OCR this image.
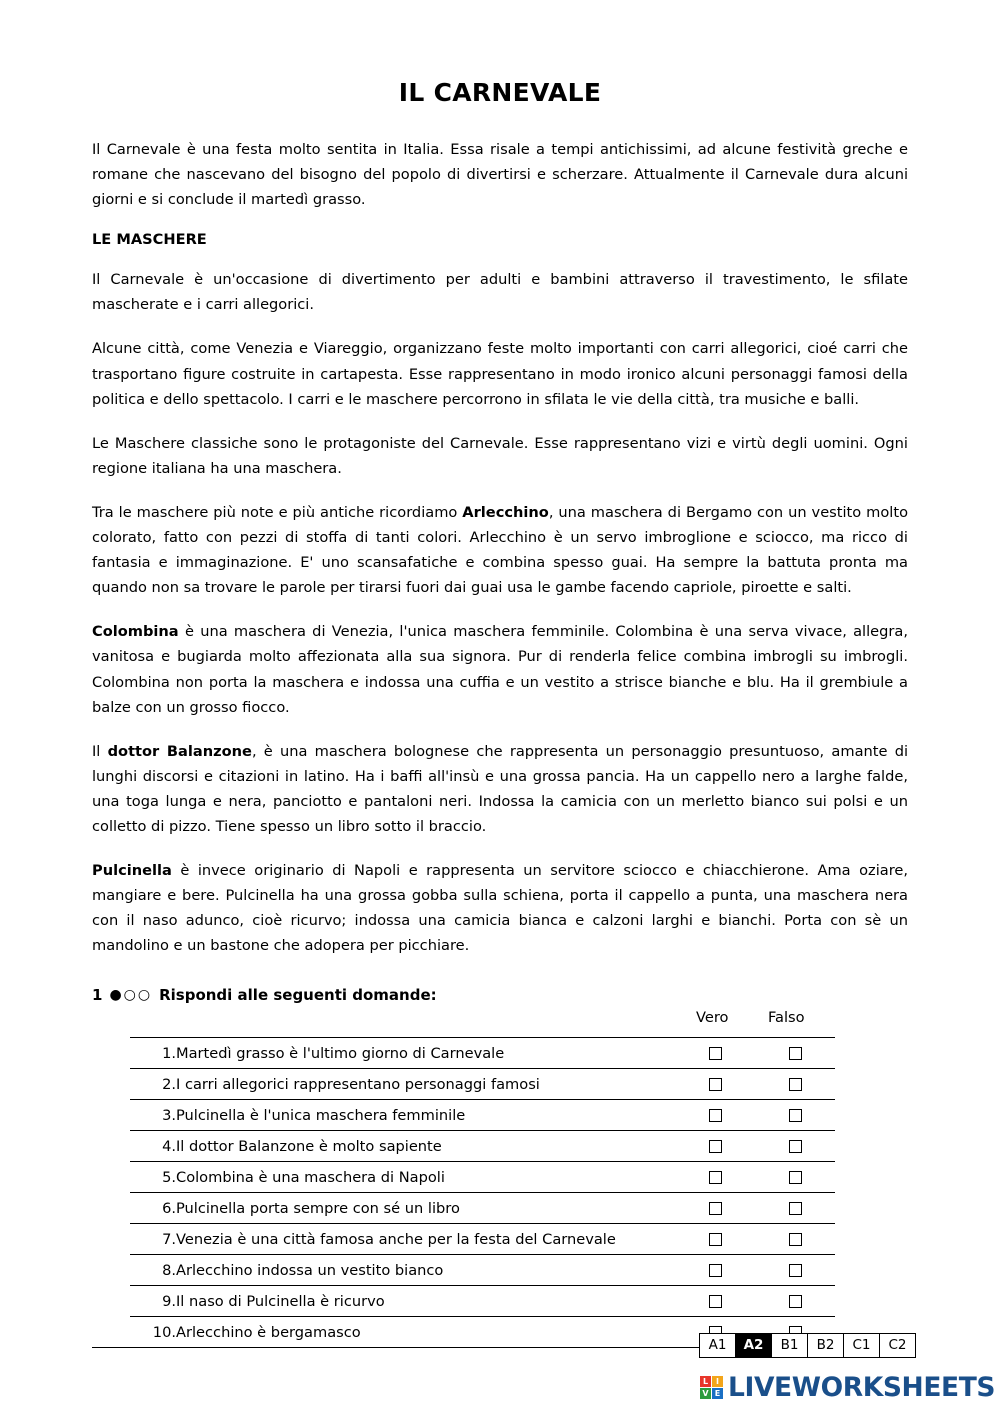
IL CARNEVALE

Il Carnevale è una festa molto sentita in Italia. Essa risale a tempi antichissimi, ad alcune festività greche e romane che nascevano del bisogno del popolo di divertirsi e scherzare. Attualmente il Carnevale dura alcuni giorni e si conclude il martedì grasso.

LE MASCHERE

Il Carnevale è un'occasione di divertimento per adulti e bambini attraverso il travestimento, le sfilate mascherate e i carri allegorici.

Alcune città, come Venezia e Viareggio, organizzano feste molto importanti con carri allegorici, cioé carri che trasportano figure costruite in cartapesta. Esse rappresentano in modo ironico alcuni personaggi famosi della politica e dello spettacolo. I carri e le maschere percorrono in sfilata le vie della città, tra musiche e balli.

Le Maschere classiche sono le protagoniste del Carnevale. Esse rappresentano vizi e virtù degli uomini. Ogni regione italiana ha una maschera.

Tra le maschere più note e più antiche ricordiamo Arlecchino, una maschera di Bergamo con un vestito molto colorato, fatto con pezzi di stoffa di tanti colori. Arlecchino è un servo imbroglione e sciocco, ma ricco di fantasia e immaginazione. E' uno scansafatiche e combina spesso guai. Ha sempre la battuta pronta ma quando non sa trovare le parole per tirarsi fuori dai guai usa le gambe facendo capriole, piroette e salti.

Colombina è una maschera di Venezia, l'unica maschera femminile. Colombina è una serva vivace, allegra, vanitosa e bugiarda molto affezionata alla sua signora. Pur di renderla felice combina imbrogli su imbrogli. Colombina non porta la maschera e indossa una cuffia e un vestito a strisce bianche e blu. Ha il grembiule a balze con un grosso fiocco.

Il dottor Balanzone, è una maschera bolognese che rappresenta un personaggio presuntuoso, amante di lunghi discorsi e citazioni in latino. Ha i baffi all'insù e una grossa pancia. Ha un cappello nero a larghe falde, una toga lunga e nera, panciotto e pantaloni neri. Indossa la camicia con un merletto bianco sui polsi e un colletto di pizzo. Tiene spesso un libro sotto il braccio.

Pulcinella è invece originario di Napoli e rappresenta un servitore sciocco e chiacchierone. Ama oziare, mangiare e bere. Pulcinella ha una grossa gobba sulla schiena, porta il cappello a punta, una maschera nera con il naso adunco, cioè ricurvo; indossa una camicia bianca e calzoni larghi e bianchi. Porta con sè un mandolino e un bastone che adopera per picchiare.

1 ●○○ Rispondi alle seguenti domande:
Vero	Falso
1.	Martedì grasso è l'ultimo giorno di Carnevale		
2.	I carri allegorici rappresentano personaggi famosi		
3.	Pulcinella è l'unica maschera femminile		
4.	Il dottor Balanzone è molto sapiente		
5.	Colombina è una maschera di Napoli		
6.	Pulcinella porta sempre con sé un libro		
7.	Venezia è una città famosa anche per la festa del Carnevale		
8.	Arlecchino indossa un vestito bianco		
9.	Il naso di Pulcinella è ricurvo		
10.	Arlecchino è bergamasco		
A1	A2	B1	B2	C1	C2
L I
V E LIVEWORKSHEETS
